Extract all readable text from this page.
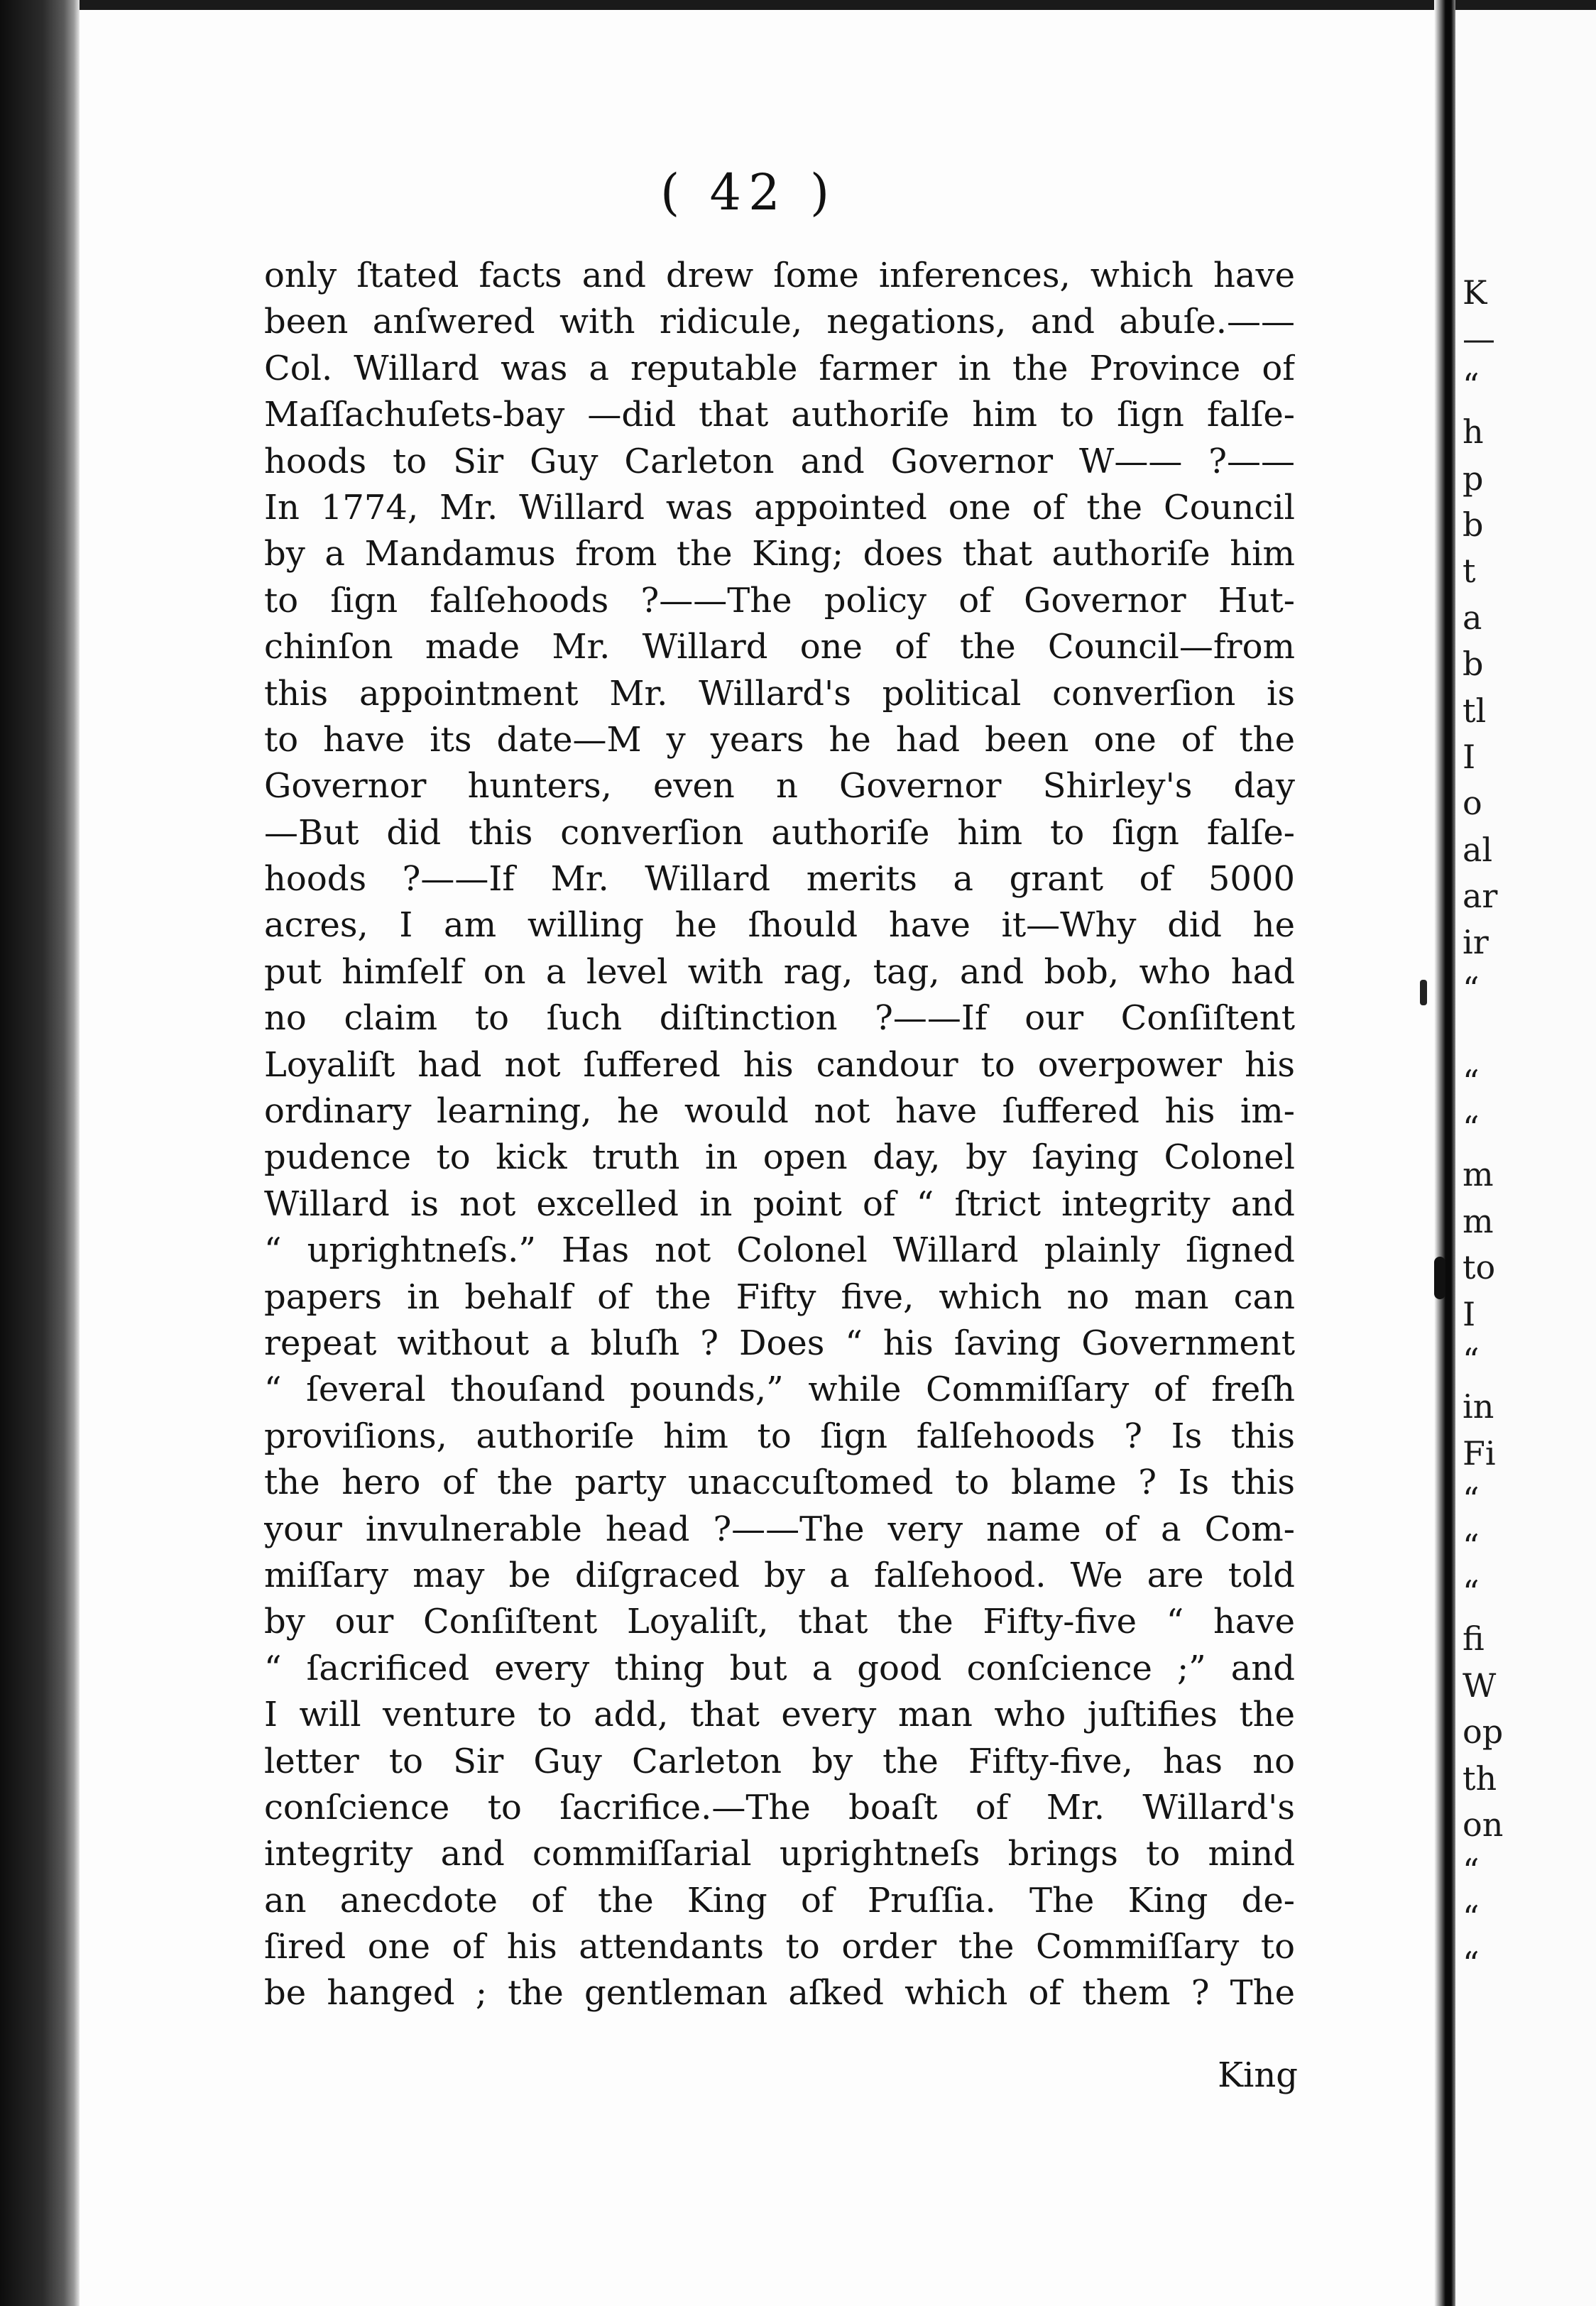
( 42 )
only ſtated facts and drew ſome inferences, which have
been anſwered with ridicule, negations, and abuſe.——
Col. Willard was a reputable farmer in the Province of
Maſſachuſets-bay —did that authoriſe him to ſign falſe-
hoods to Sir Guy Carleton and Governor W—— ?——
In 1774, Mr. Willard was appointed one of the Council
by a Mandamus from the King; does that authoriſe him
to ſign falſehoods ?——The policy of Governor Hut-
chinſon made Mr. Willard one of the Council—from
this appointment Mr. Willard's political converſion is
to have its date—M y years he had been one of the
Governor hunters, even n Governor Shirley's day
—But did this converſion authoriſe him to ſign falſe-
hoods ?——If Mr. Willard merits a grant of 5000
acres, I am willing he ſhould have it—Why did he
put himſelf on a level with rag, tag, and bob, who had
no claim to ſuch diſtinction ?——If our Conſiſtent
Loyaliſt had not ſuffered his candour to overpower his
ordinary learning, he would not have ſuffered his im-
pudence to kick truth in open day, by ſaying Colonel
Willard is not excelled in point of “ ſtrict integrity and
“ uprightneſs.” Has not Colonel Willard plainly ſigned
papers in behalf of the Fifty five, which no man can
repeat without a bluſh ? Does “ his ſaving Government
“ ſeveral thouſand pounds,” while Commiſſary of freſh
proviſions, authoriſe him to ſign falſehoods ? Is this
the hero of the party unaccuſtomed to blame ? Is this
your invulnerable head ?——The very name of a Com-
miſſary may be diſgraced by a falſehood. We are told
by our Conſiſtent Loyaliſt, that the Fifty-five “ have
“ ſacrificed every thing but a good conſcience ;” and
I will venture to add, that every man who juſtifies the
letter to Sir Guy Carleton by the Fifty-five, has no
conſcience to ſacrifice.—The boaſt of Mr. Willard's
integrity and commiſſarial uprightneſs brings to mind
an anecdote of the King of Pruſſia. The King de-
ſired one of his attendants to order the Commiſſary to
be hanged ; the gentleman aſked which of them ? The
King
K
—
“
h
p
b
t
a
b
tl
I
o
al
ar
ir
“
“
“
m
m
to
I
“
in
Fi
“
“
“
fi
W
op
th
on
“
“
“
